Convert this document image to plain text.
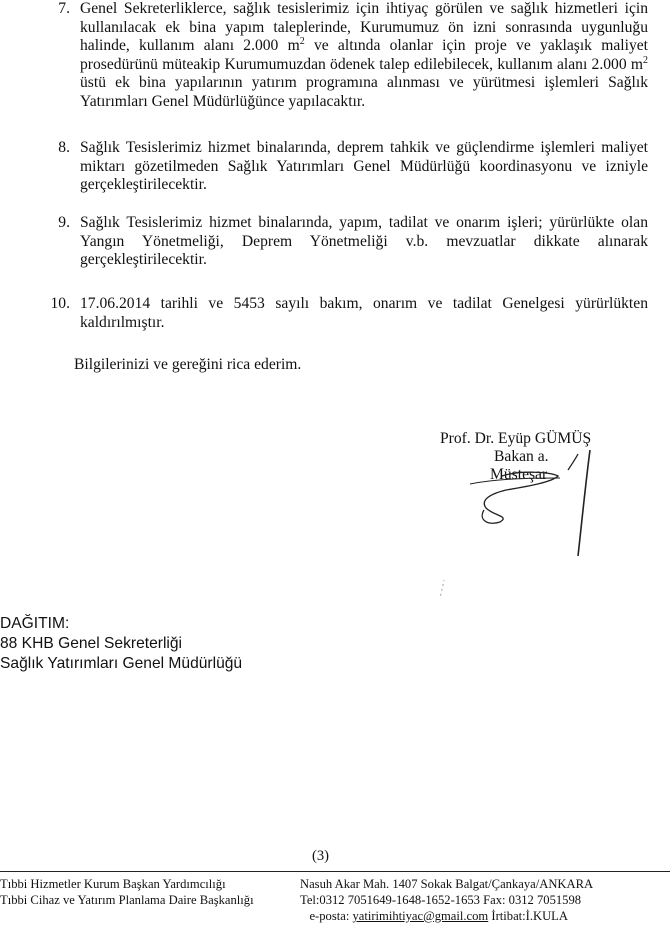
7. Genel Sekreterliklerce, sağlık tesislerimiz için ihtiyaç görülen ve sağlık hizmetleri için kullanılacak ek bina yapım taleplerinde, Kurumumuz ön izni sonrasında uygunluğu halinde, kullanım alanı 2.000 $m^2$ ve altında olanlar için proje ve yaklaşık maliyet prosedürünü müteakip Kurumumuzdan ödenek talep edilebilecek, kullanım alanı 2.000 $m^2$ üstü ek bina yapılarının yatırım programına alınması ve yürütmesi işlemleri Sağlık Yatırımları Genel Müdürlüğünce yapılacaktır.
8. Sağlık Tesislerimiz hizmet binalarında, deprem tahkik ve güçlendirme işlemleri maliyet miktarı gözetilmeden Sağlık Yatırımları Genel Müdürlüğü koordinasyonu ve izniyle gerçekleştirilecektir.
9. Sağlık Tesislerimiz hizmet binalarında, yapım, tadilat ve onarım işleri; yürürlükte olan Yangın Yönetmeliği, Deprem Yönetmeliği v.b. mevzuatlar dikkate alınarak gerçekleştirilecektir.
10. 17.06.2014 tarihli ve 5453 sayılı bakım, onarım ve tadilat Genelgesi yürürlükten kaldırılmıştır.
Bilgilerinizi ve gereğini rica ederim.
Prof. Dr. Eyüp GÜMÜŞ
Bakan a.
Müsteşar
DAĞITIM:
88 KHB Genel Sekreterliği
Sağlık Yatırımları Genel Müdürlüğü
(3)
Tıbbi Hizmetler Kurum Başkan Yardımcılığı
Tıbbi Cihaz ve Yatırım Planlama Daire Başkanlığı
Nasuh Akar Mah. 1407 Sokak Balgat/Çankaya/ANKARA
Tel:0312 7051649-1648-1652-1653 Fax: 0312 7051598
e-posta: yatirimihtiyac@gmail.com İrtibat:İ.KULA
